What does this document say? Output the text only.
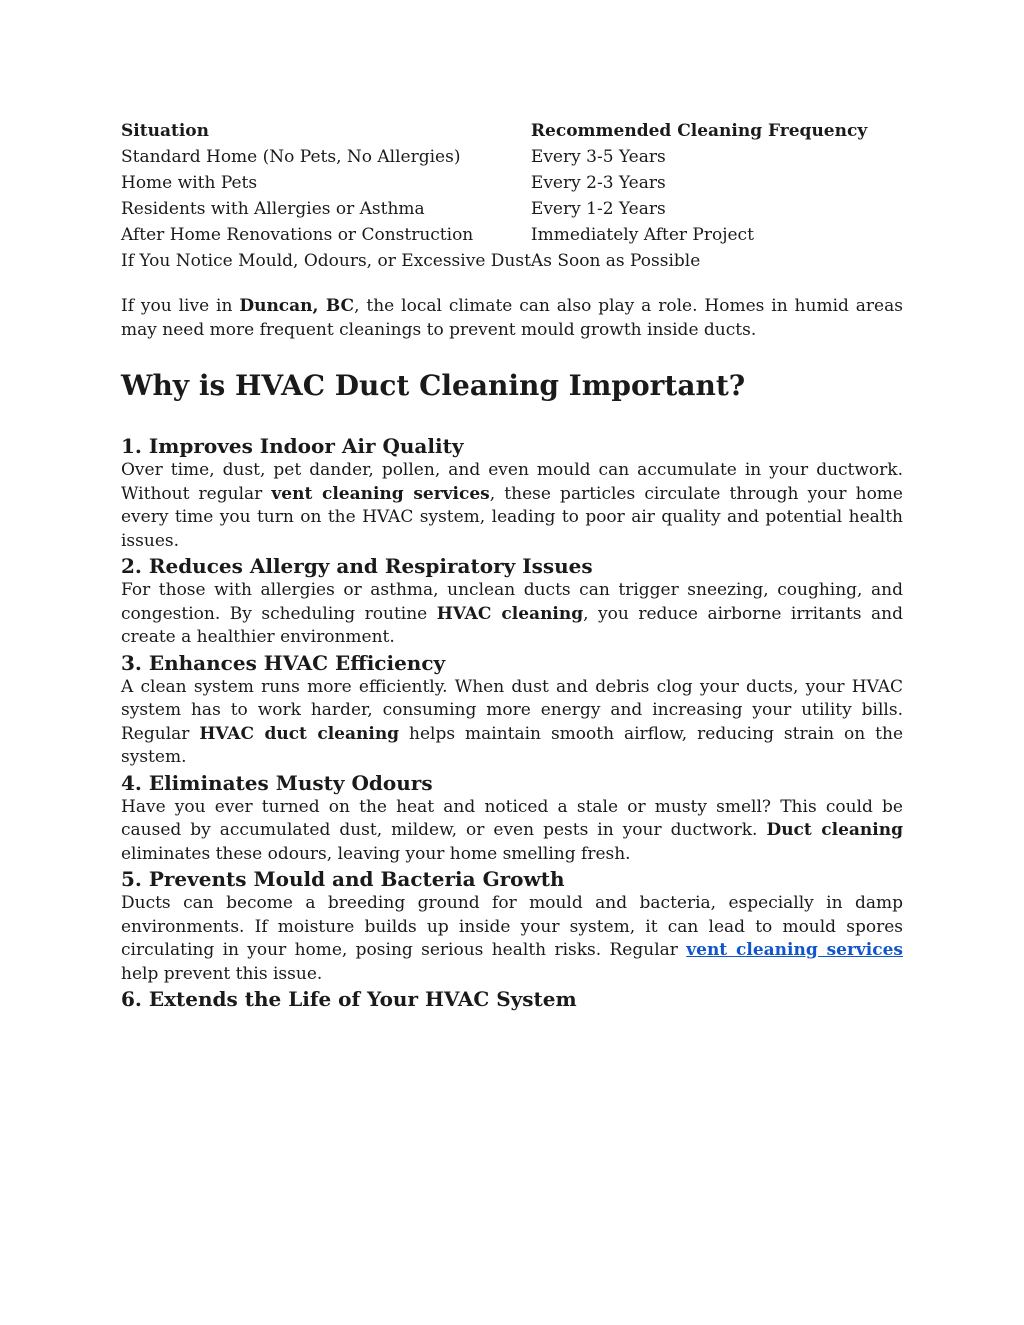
Situation	Recommended Cleaning Frequency
Standard Home (No Pets, No Allergies)	Every 3-5 Years
Home with Pets	Every 2-3 Years
Residents with Allergies or Asthma	Every 1-2 Years
After Home Renovations or Construction	Immediately After Project
If You Notice Mould, Odours, or Excessive Dust	As Soon as Possible

If you live in Duncan, BC, the local climate can also play a role. Homes in humid areas may need more frequent cleanings to prevent mould growth inside ducts.

Why is HVAC Duct Cleaning Important?
1. Improves Indoor Air Quality

Over time, dust, pet dander, pollen, and even mould can accumulate in your ductwork. Without regular vent cleaning services, these particles circulate through your home every time you turn on the HVAC system, leading to poor air quality and potential health issues.

2. Reduces Allergy and Respiratory Issues

For those with allergies or asthma, unclean ducts can trigger sneezing, coughing, and congestion. By scheduling routine HVAC cleaning, you reduce airborne irritants and create a healthier environment.

3. Enhances HVAC Efficiency

A clean system runs more efficiently. When dust and debris clog your ducts, your HVAC system has to work harder, consuming more energy and increasing your utility bills. Regular HVAC duct cleaning helps maintain smooth airflow, reducing strain on the system.

4. Eliminates Musty Odours

Have you ever turned on the heat and noticed a stale or musty smell? This could be caused by accumulated dust, mildew, or even pests in your ductwork. Duct cleaning eliminates these odours, leaving your home smelling fresh.

5. Prevents Mould and Bacteria Growth

Ducts can become a breeding ground for mould and bacteria, especially in damp environments. If moisture builds up inside your system, it can lead to mould spores circulating in your home, posing serious health risks. Regular vent cleaning services help prevent this issue.

6. Extends the Life of Your HVAC System
